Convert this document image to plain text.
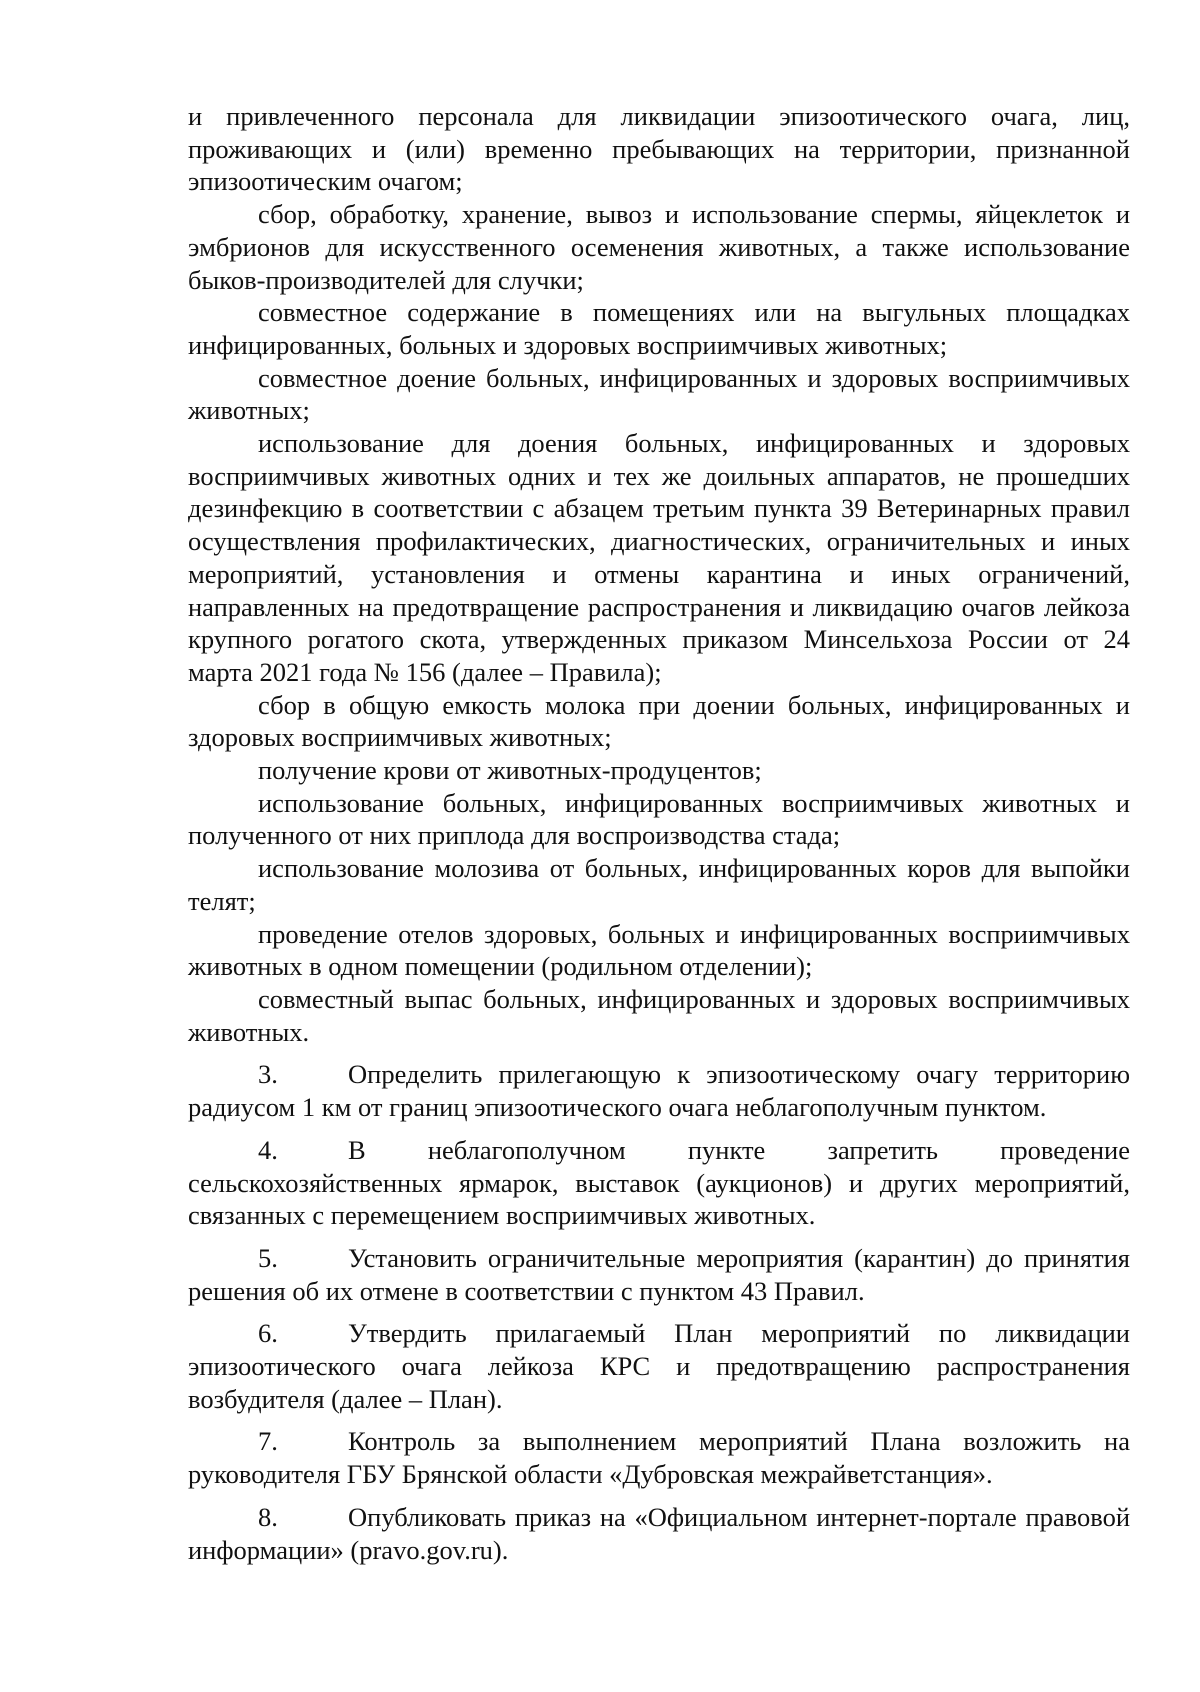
и привлеченного персонала для ликвидации эпизоотического очага, лиц, проживающих и (или) временно пребывающих на территории, признанной эпизоотическим очагом;

сбор, обработку, хранение, вывоз и использование спермы, яйцеклеток и эмбрионов для искусственного осеменения животных, а также использование быков-производителей для случки;

совместное содержание в помещениях или на выгульных площадках инфицированных, больных и здоровых восприимчивых животных;

совместное доение больных, инфицированных и здоровых восприимчивых животных;

использование для доения больных, инфицированных и здоровых восприимчивых животных одних и тех же доильных аппаратов, не прошедших дезинфекцию в соответствии с абзацем третьим пункта 39 Ветеринарных правил осуществления профилактических, диагностических, ограничительных и иных мероприятий, установления и отмены карантина и иных ограничений, направленных на предотвращение распространения и ликвидацию очагов лейкоза крупного рогатого скота, утвержденных приказом Минсельхоза России от 24 марта 2021 года № 156 (далее – Правила);

сбор в общую емкость молока при доении больных, инфицированных и здоровых восприимчивых животных;

получение крови от животных-продуцентов;

использование больных, инфицированных восприимчивых животных и полученного от них приплода для воспроизводства стада;

использование молозива от больных, инфицированных коров для выпойки телят;

проведение отелов здоровых, больных и инфицированных восприимчивых животных в одном помещении (родильном отделении);

совместный выпас больных, инфицированных и здоровых восприимчивых животных.

3.	Определить прилегающую к эпизоотическому очагу территорию радиусом 1 км от границ эпизоотического очага неблагополучным пунктом.

4.	В неблагополучном пункте запретить проведение сельскохозяйственных ярмарок, выставок (аукционов) и других мероприятий, связанных с перемещением восприимчивых животных.

5.	Установить ограничительные мероприятия (карантин) до принятия решения об их отмене в соответствии с пунктом 43 Правил.

6.	Утвердить прилагаемый План мероприятий по ликвидации эпизоотического очага лейкоза КРС и предотвращению распространения возбудителя (далее – План).

7.	Контроль за выполнением мероприятий Плана возложить на руководителя ГБУ Брянской области «Дубровская межрайветстанция».

8.	Опубликовать приказ на «Официальном интернет-портале правовой информации» (pravo.gov.ru).
